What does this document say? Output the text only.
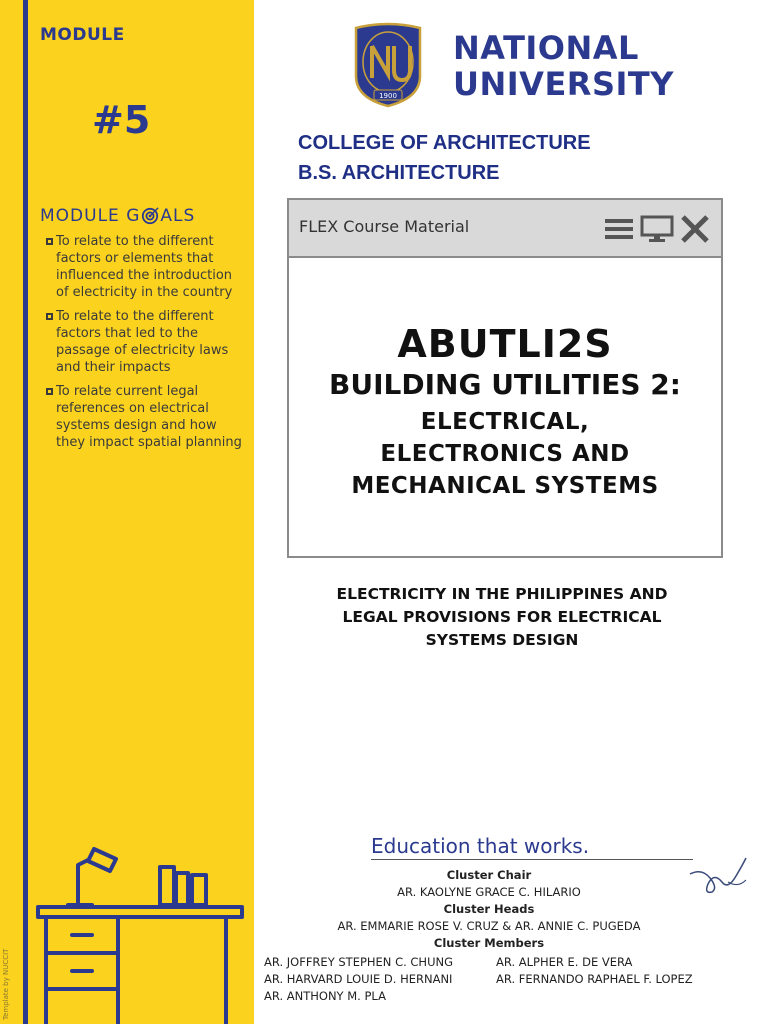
MODULE
#5
MODULE G ALS
To relate to the different factors or elements that influenced the introduction of electricity in the country
To relate to the different factors that led to the passage of electricity laws and their impacts
To relate current legal references on electrical systems design and how they impact spatial planning
Template by NUCCIT
1900
NATIONAL
UNIVERSITY
COLLEGE OF ARCHITECTURE
B.S. ARCHITECTURE
FLEX Course Material
ABUTLI2S
BUILDING UTILITIES 2:
ELECTRICAL,
ELECTRONICS AND
MECHANICAL SYSTEMS
ELECTRICITY IN THE PHILIPPINES AND
LEGAL PROVISIONS FOR ELECTRICAL
SYSTEMS DESIGN
Education that works.
Cluster Chair
AR. KAOLYNE GRACE C. HILARIO
Cluster Heads
AR. EMMARIE ROSE V. CRUZ & AR. ANNIE C. PUGEDA
Cluster Members
AR. JOFFREY STEPHEN C. CHUNG	AR. ALPHER E. DE VERA
AR. HARVARD LOUIE D. HERNANI	AR. FERNANDO RAPHAEL F. LOPEZ
AR. ANTHONY M. PLA
